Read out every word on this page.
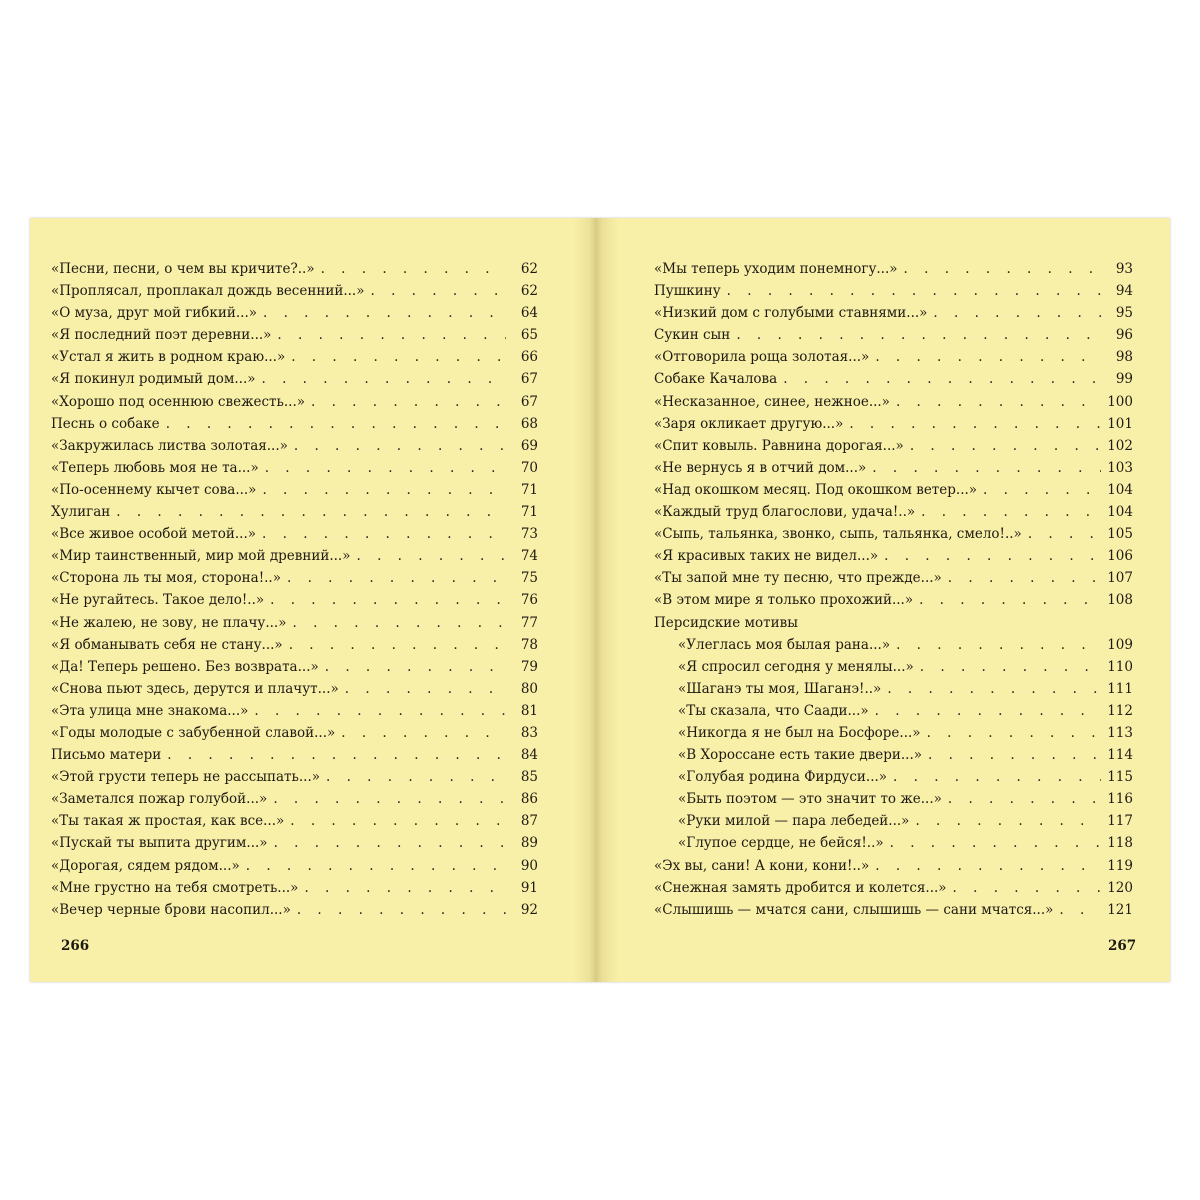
«Песни, песни, о чем вы кричите?..» . . .	62
«Проплясал, проплакал дождь весенний...» . . .	62
«О муза, друг мой гибкий...» . . .	64
«Я последний поэт деревни...» . . .	65
«Устал я жить в родном краю...» . . .	66
«Я покинул родимый дом...» . . .	67
«Хорошо под осеннюю свежесть...» . . .	67
Песнь о собаке . . .	68
«Закружилась листва золотая...» . . .	69
«Теперь любовь моя не та...» . . .	70
«По-осеннему кычет сова...» . . .	71
Хулиган . . .	71
«Все живое особой метой...» . . .	73
«Мир таинственный, мир мой древний...» . . .	74
«Сторона ль ты моя, сторона!..» . . .	75
«Не ругайтесь. Такое дело!..» . . .	76
«Не жалею, не зову, не плачу...» . . .	77
«Я обманывать себя не стану...» . . .	78
«Да! Теперь решено. Без возврата...» . . .	79
«Снова пьют здесь, дерутся и плачут...» . . .	80
«Эта улица мне знакома...» . . .	81
«Годы молодые с забубенной славой...» . . .	83
Письмо матери . . .	84
«Этой грусти теперь не рассыпать...» . . .	85
«Заметался пожар голубой...» . . .	86
«Ты такая ж простая, как все...» . . .	87
«Пускай ты выпита другим...» . . .	89
«Дорогая, сядем рядом...» . . .	90
«Мне грустно на тебя смотреть...» . . .	91
«Вечер черные брови насопил...» . . .	92
«Мы теперь уходим понемногу...» . . .	93
Пушкину . . .	94
«Низкий дом с голубыми ставнями...» . . .	95
Сукин сын . . .	96
«Отговорила роща золотая...» . . .	98
Собаке Качалова . . .	99
«Несказанное, синее, нежное...» . . .	100
«Заря окликает другую...» . . .	101
«Спит ковыль. Равнина дорогая...» . . .	102
«Не вернусь я в отчий дом...» . . .	103
«Над окошком месяц. Под окошком ветер...» . . .	104
«Каждый труд благослови, удача!..» . . .	104
«Сыпь, тальянка, звонко, сыпь, тальянка, смело!..» . . .	105
«Я красивых таких не видел...» . . .	106
«Ты запой мне ту песню, что прежде...» . . .	107
«В этом мире я только прохожий...» . . .	108
Персидские мотивы
«Улеглась моя былая рана...» . . .	109
«Я спросил сегодня у менялы...» . . .	110
«Шаганэ ты моя, Шаганэ!..» . . .	111
«Ты сказала, что Саади...» . . .	112
«Никогда я не был на Босфоре...» . . .	113
«В Хороссане есть такие двери...» . . .	114
«Голубая родина Фирдуси...» . . .	115
«Быть поэтом — это значит то же...» . . .	116
«Руки милой — пара лебедей...» . . .	117
«Глупое сердце, не бейся!..» . . .	118
«Эх вы, сани! А кони, кони!..» . . .	119
«Снежная замять дробится и колется...» . . .	120
«Слышишь — мчатся сани, слышишь — сани мчатся...» . . .	121
266	267
